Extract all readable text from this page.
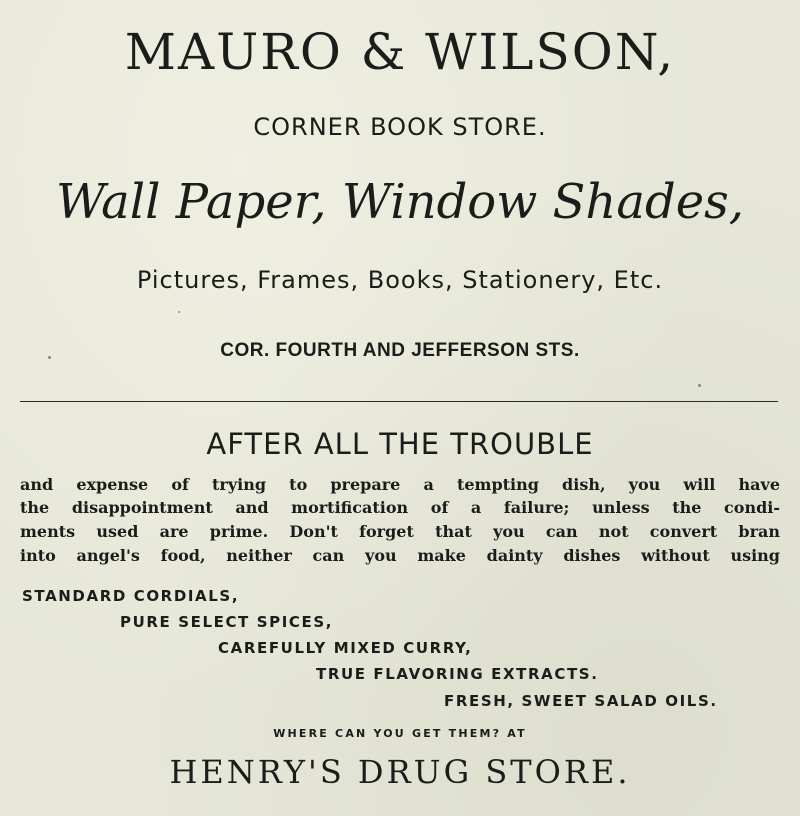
MAURO & WILSON,
CORNER BOOK STORE.
Wall Paper, Window Shades,
Pictures, Frames, Books, Stationery, Etc.
COR. FOURTH AND JEFFERSON STS.
AFTER ALL THE TROUBLE
and expense of trying to prepare a tempting dish, you will have
the disappointment and mortification of a failure; unless the condi-
ments used are prime. Don't forget that you can not convert bran
into angel's food, neither can you make dainty dishes without using
STANDARD CORDIALS,
PURE SELECT SPICES,
CAREFULLY MIXED CURRY,
TRUE FLAVORING EXTRACTS.
FRESH, SWEET SALAD OILS.
WHERE CAN YOU GET THEM? AT
HENRY'S DRUG STORE.
